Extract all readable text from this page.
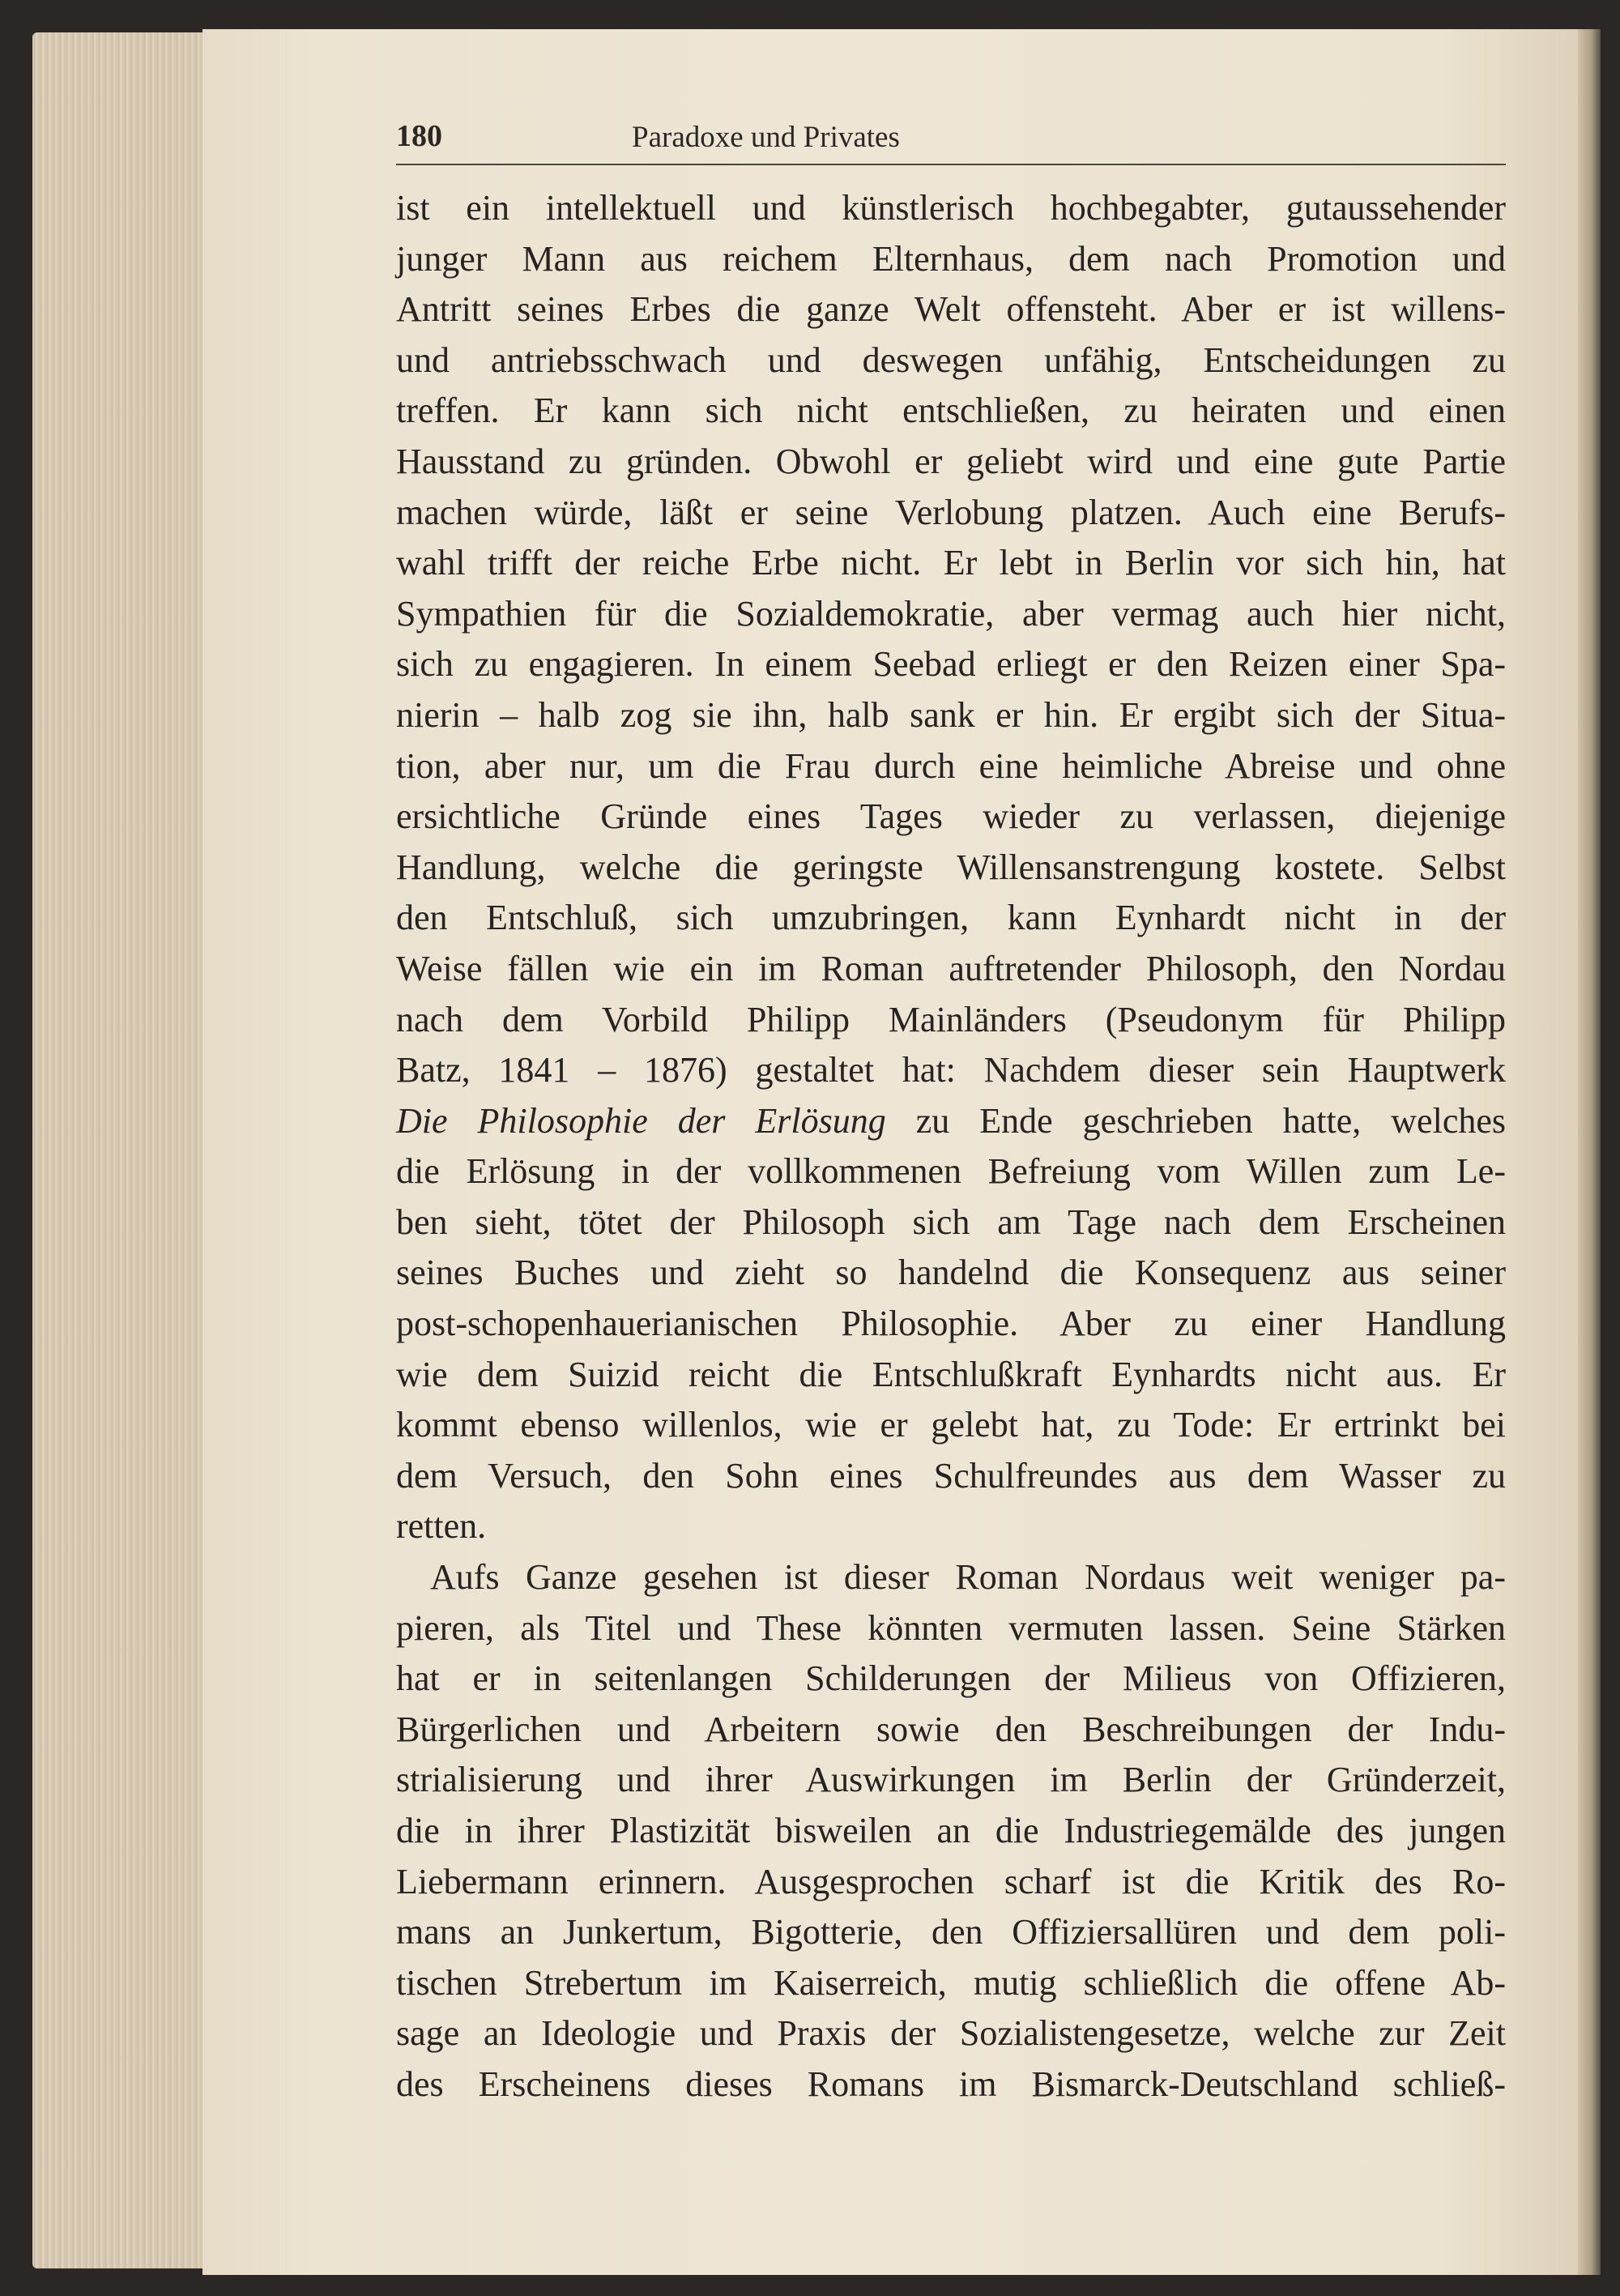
180	Paradoxe und Privates
ist ein intellektuell und künstlerisch hochbegabter, gutaussehender
junger Mann aus reichem Elternhaus, dem nach Promotion und
Antritt seines Erbes die ganze Welt offensteht. Aber er ist willens-
und antriebsschwach und deswegen unfähig, Entscheidungen zu
treffen. Er kann sich nicht entschließen, zu heiraten und einen
Hausstand zu gründen. Obwohl er geliebt wird und eine gute Partie
machen würde, läßt er seine Verlobung platzen. Auch eine Berufs-
wahl trifft der reiche Erbe nicht. Er lebt in Berlin vor sich hin, hat
Sympathien für die Sozialdemokratie, aber vermag auch hier nicht,
sich zu engagieren. In einem Seebad erliegt er den Reizen einer Spa-
nierin – halb zog sie ihn, halb sank er hin. Er ergibt sich der Situa-
tion, aber nur, um die Frau durch eine heimliche Abreise und ohne
ersichtliche Gründe eines Tages wieder zu verlassen, diejenige
Handlung, welche die geringste Willensanstrengung kostete. Selbst
den Entschluß, sich umzubringen, kann Eynhardt nicht in der
Weise fällen wie ein im Roman auftretender Philosoph, den Nordau
nach dem Vorbild Philipp Mainländers (Pseudonym für Philipp
Batz, 1841 – 1876) gestaltet hat: Nachdem dieser sein Hauptwerk
Die Philosophie der Erlösung zu Ende geschrieben hatte, welches
die Erlösung in der vollkommenen Befreiung vom Willen zum Le-
ben sieht, tötet der Philosoph sich am Tage nach dem Erscheinen
seines Buches und zieht so handelnd die Konsequenz aus seiner
post-schopenhauerianischen Philosophie. Aber zu einer Handlung
wie dem Suizid reicht die Entschlußkraft Eynhardts nicht aus. Er
kommt ebenso willenlos, wie er gelebt hat, zu Tode: Er ertrinkt bei
dem Versuch, den Sohn eines Schulfreundes aus dem Wasser zu
retten.
Aufs Ganze gesehen ist dieser Roman Nordaus weit weniger pa-
pieren, als Titel und These könnten vermuten lassen. Seine Stärken
hat er in seitenlangen Schilderungen der Milieus von Offizieren,
Bürgerlichen und Arbeitern sowie den Beschreibungen der Indu-
strialisierung und ihrer Auswirkungen im Berlin der Gründerzeit,
die in ihrer Plastizität bisweilen an die Industriegemälde des jungen
Liebermann erinnern. Ausgesprochen scharf ist die Kritik des Ro-
mans an Junkertum, Bigotterie, den Offiziersallüren und dem poli-
tischen Strebertum im Kaiserreich, mutig schließlich die offene Ab-
sage an Ideologie und Praxis der Sozialistengesetze, welche zur Zeit
des Erscheinens dieses Romans im Bismarck-Deutschland schließ-
